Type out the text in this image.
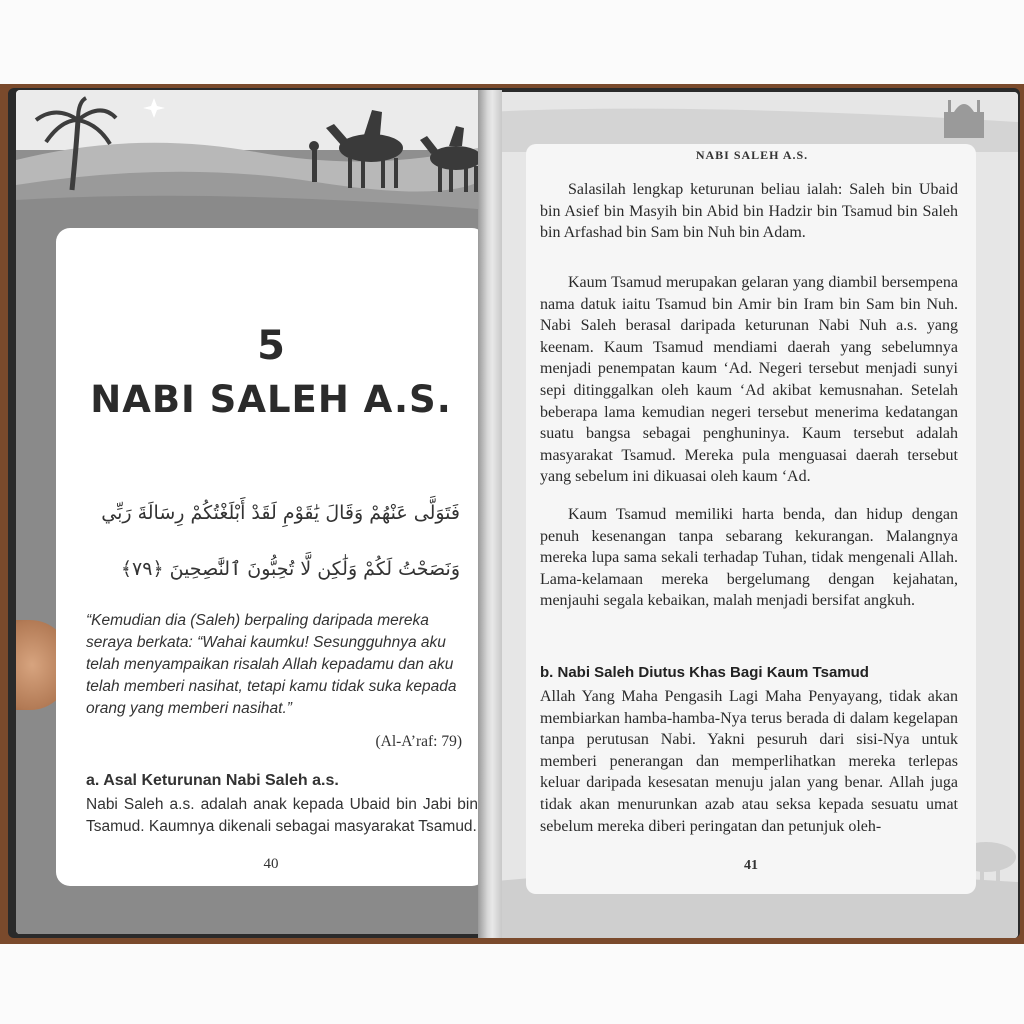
5
NABI SALEH A.S.
فَتَوَلَّى عَنْهُمْ وَقَالَ يَٰقَوْمِ لَقَدْ أَبْلَغْتُكُمْ رِسَالَةَ رَبِّي
وَنَصَحْتُ لَكُمْ وَلَٰكِن لَّا تُحِبُّونَ ٱلنَّٰصِحِينَ ﴿٧٩﴾
“Kemudian dia (Saleh) berpaling daripada mereka seraya berkata: “Wahai kaumku! Sesungguhnya aku telah menyampaikan risalah Allah kepadamu dan aku telah memberi nasihat, tetapi kamu tidak suka kepada orang yang memberi nasihat.”
(Al-A’raf: 79)
a. Asal Keturunan Nabi Saleh a.s.
Nabi Saleh a.s. adalah anak kepada Ubaid bin Jabi bin Tsamud. Kaumnya dikenali sebagai masyarakat Tsamud.
40
NABI SALEH A.S.

Salasilah lengkap keturunan beliau ialah: Saleh bin Ubaid bin Asief bin Masyih bin Abid bin Hadzir bin Tsamud bin Saleh bin Arfashad bin Sam bin Nuh bin Adam.

Kaum Tsamud merupakan gelaran yang diambil bersempena nama datuk iaitu Tsamud bin Amir bin Iram bin Sam bin Nuh. Nabi Saleh berasal daripada keturunan Nabi Nuh a.s. yang keenam. Kaum Tsamud mendiami daerah yang sebelumnya menjadi penempatan kaum ‘Ad. Negeri tersebut menjadi sunyi sepi ditinggalkan oleh kaum ‘Ad akibat kemusnahan. Setelah beberapa lama kemudian negeri tersebut menerima kedatangan suatu bangsa sebagai penghuninya. Kaum tersebut adalah masyarakat Tsamud. Mereka pula menguasai daerah tersebut yang sebelum ini dikuasai oleh kaum ‘Ad.

Kaum Tsamud memiliki harta benda, dan hidup dengan penuh kesenangan tanpa sebarang kekurangan. Malangnya mereka lupa sama sekali terhadap Tuhan, tidak mengenali Allah. Lama-kelamaan mereka bergelumang dengan kejahatan, menjauhi segala kebaikan, malah menjadi bersifat angkuh.

b. Nabi Saleh Diutus Khas Bagi Kaum Tsamud

Allah Yang Maha Pengasih Lagi Maha Penyayang, tidak akan membiarkan hamba-hamba-Nya terus berada di dalam kegelapan tanpa perutusan Nabi. Yakni pesuruh dari sisi-Nya untuk memberi penerangan dan memperlihatkan mereka terlepas keluar daripada kesesatan menuju jalan yang benar. Allah juga tidak akan menurunkan azab atau seksa kepada sesuatu umat sebelum mereka diberi peringatan dan petunjuk oleh-

41
